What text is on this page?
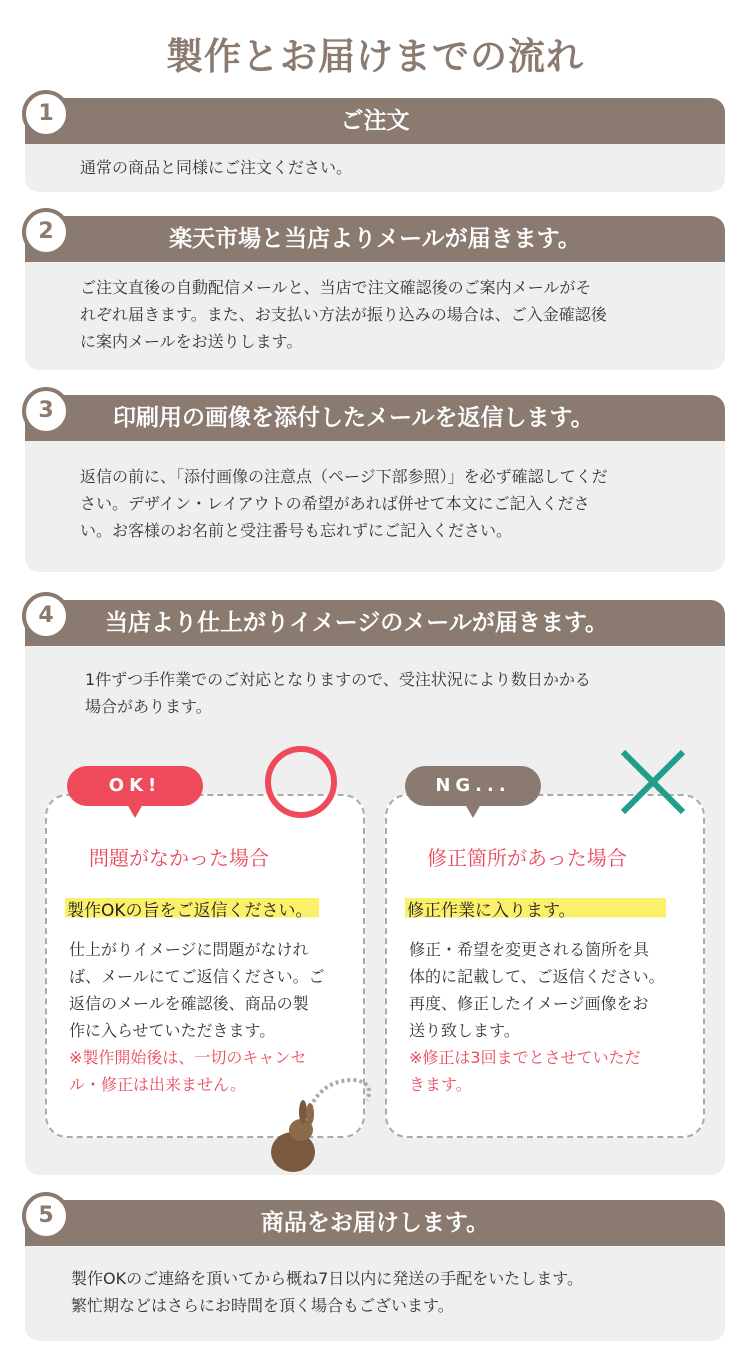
製作とお届けまでの流れ
1	ご注文
通常の商品と同様にご注文ください。
2	楽天市場と当店よりメールが届きます。
ご注文直後の自動配信メールと、当店で注文確認後のご案内メールがそ
れぞれ届きます。また、お支払い方法が振り込みの場合は、ご入金確認後
に案内メールをお送りします。
3	印刷用の画像を添付したメールを返信します。
返信の前に、「添付画像の注意点（ページ下部参照）」を必ず確認してくだ
さい。デザイン・レイアウトの希望があれば併せて本文にご記入くださ
い。お客様のお名前と受注番号も忘れずにご記入ください。
4	当店より仕上がりイメージのメールが届きます。
1件ずつ手作業でのご対応となりますので、受注状況により数日かかる
場合があります。
問題がなかった場合
製作OKの旨をご返信ください。
仕上がりイメージに問題がなけれ
ば、メールにてご返信ください。ご
返信のメールを確認後、商品の製
作に入らせていただきます。
※製作開始後は、一切のキャンセ
ル・修正は出来ません。
OK!
修正箇所があった場合
修正作業に入ります。
修正・希望を変更される箇所を具
体的に記載して、ご返信ください。
再度、修正したイメージ画像をお
送り致します。
※修正は3回までとさせていただ
きます。
NG...
5	商品をお届けします。
製作OKのご連絡を頂いてから概ね7日以内に発送の手配をいたします。
繁忙期などはさらにお時間を頂く場合もございます。
